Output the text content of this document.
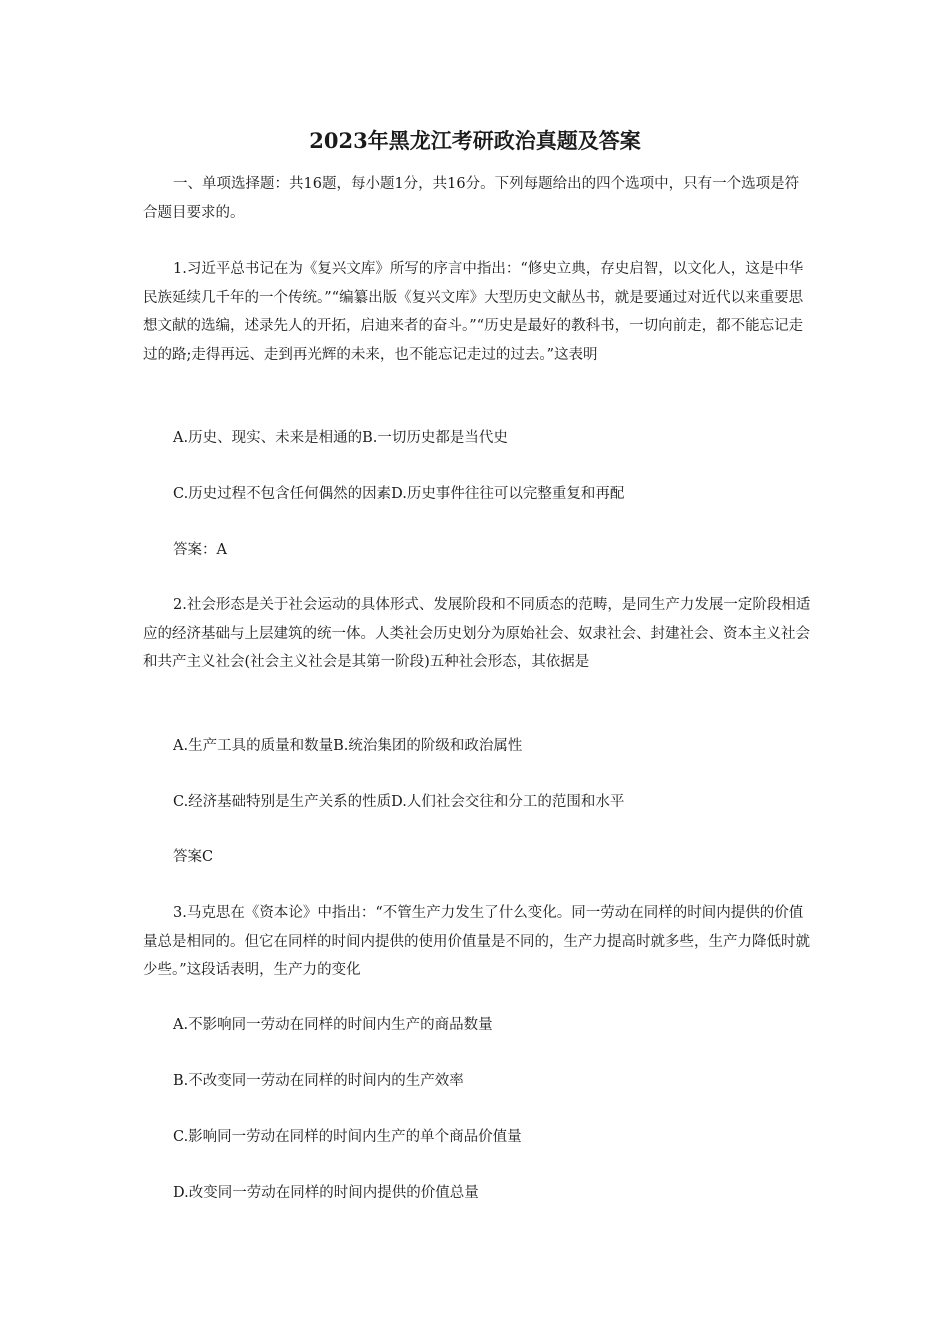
2023年黑龙江考研政治真题及答案

一、单项选择题：共16题，每小题1分，共16分。下列每题给出的四个选项中，只有一个选项是符合题目要求的。

1.习近平总书记在为《复兴文库》所写的序言中指出：“修史立典，存史启智，以文化人，这是中华民族延续几千年的一个传统。”“编纂出版《复兴文库》大型历史文献丛书，就是要通过对近代以来重要思想文献的选编，述录先人的开拓，启迪来者的奋斗。”“历史是最好的教科书，一切向前走，都不能忘记走过的路;走得再远、走到再光辉的未来，也不能忘记走过的过去。”这表明

A.历史、现实、未来是相通的B.一切历史都是当代史

C.历史过程不包含任何偶然的因素D.历史事件往往可以完整重复和再配

答案：A

2.社会形态是关于社会运动的具体形式、发展阶段和不同质态的范畴，是同生产力发展一定阶段相适应的经济基础与上层建筑的统一体。人类社会历史划分为原始社会、奴隶社会、封建社会、资本主义社会和共产主义社会(社会主义社会是其第一阶段)五种社会形态，其依据是

A.生产工具的质量和数量B.统治集团的阶级和政治属性

C.经济基础特别是生产关系的性质D.人们社会交往和分工的范围和水平

答案C

3.马克思在《资本论》中指出：“不管生产力发生了什么变化。同一劳动在同样的时间内提供的价值量总是相同的。但它在同样的时间内提供的使用价值量是不同的，生产力提高时就多些，生产力降低时就少些。”这段话表明，生产力的变化

A.不影响同一劳动在同样的时间内生产的商品数量

B.不改变同一劳动在同样的时间内的生产效率

C.影响同一劳动在同样的时间内生产的单个商品价值量

D.改变同一劳动在同样的时间内提供的价值总量
